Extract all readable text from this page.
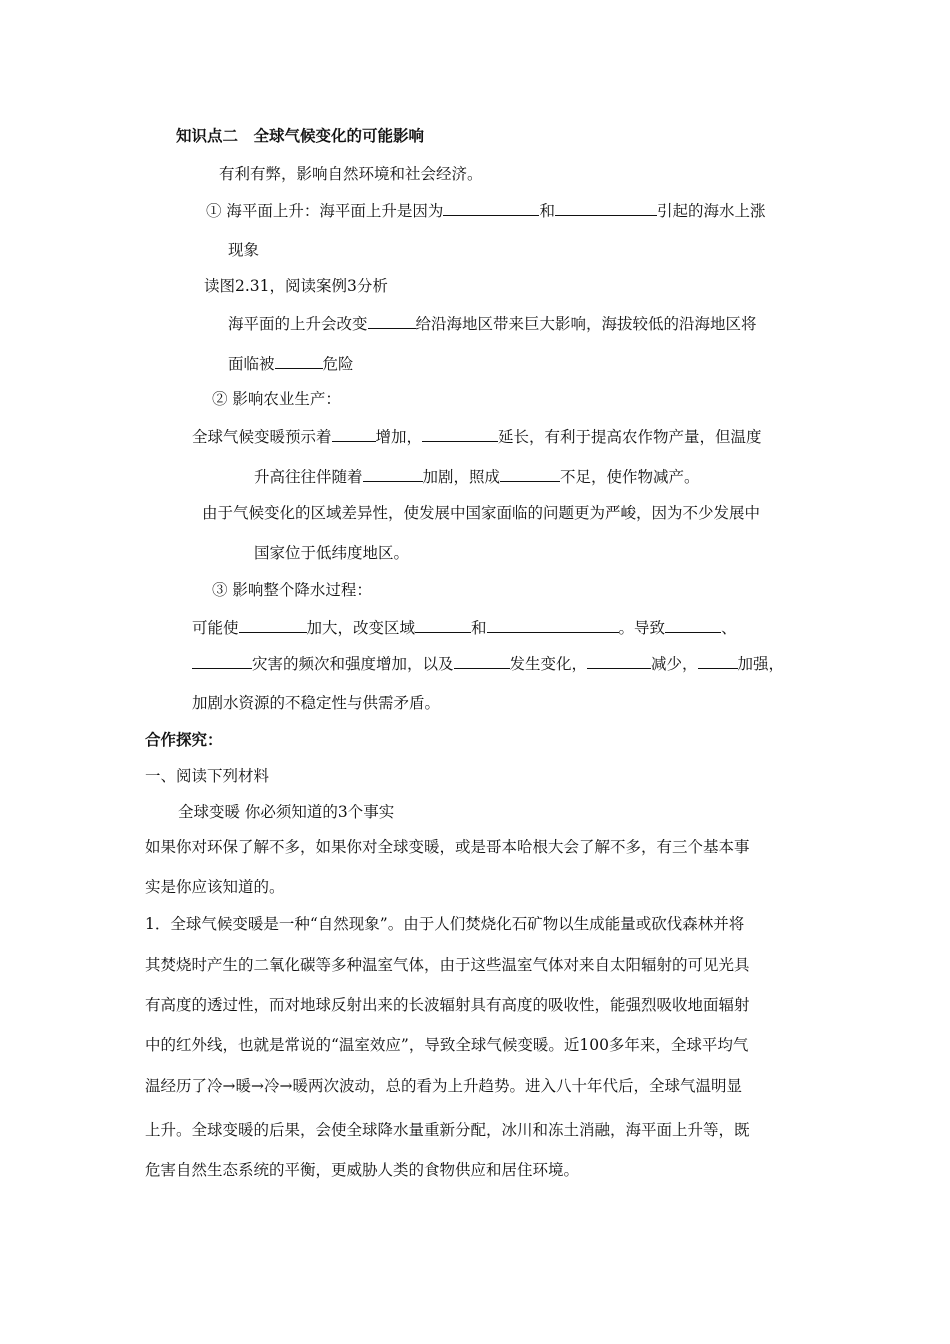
知识点二　全球气候变化的可能影响
有利有弊，影响自然环境和社会经济。
① 海平面上升：海平面上升是因为	和	引起的海水上涨
现象
读图2.31，阅读案例3分析
海平面的上升会改变	给沿海地区带来巨大影响，海拔较低的沿海地区将
面临被	危险
② 影响农业生产：
全球气候变暖预示着	增加，	延长，有利于提高农作物产量，但温度
升高往往伴随着	加剧，照成	不足，使作物减产。
由于气候变化的区域差异性，使发展中国家面临的问题更为严峻，因为不少发展中
国家位于低纬度地区。
③ 影响整个降水过程：
可能使	加大，改变区域	和	。导致	、
灾害的频次和强度增加，以及	发生变化，	减少，	加强，
加剧水资源的不稳定性与供需矛盾。
合作探究：
一、阅读下列材料
全球变暖 你必须知道的3个事实
如果你对环保了解不多，如果你对全球变暖，或是哥本哈根大会了解不多，有三个基本事
实是你应该知道的。
1．全球气候变暖是一种“自然现象”。由于人们焚烧化石矿物以生成能量或砍伐森林并将
其焚烧时产生的二氧化碳等多种温室气体，由于这些温室气体对来自太阳辐射的可见光具
有高度的透过性，而对地球反射出来的长波辐射具有高度的吸收性，能强烈吸收地面辐射
中的红外线，也就是常说的“温室效应”，导致全球气候变暖。近100多年来，全球平均气
温经历了冷→暖→冷→暖两次波动，总的看为上升趋势。进入八十年代后，全球气温明显
上升。全球变暖的后果，会使全球降水量重新分配，冰川和冻土消融，海平面上升等，既
危害自然生态系统的平衡，更威胁人类的食物供应和居住环境。
